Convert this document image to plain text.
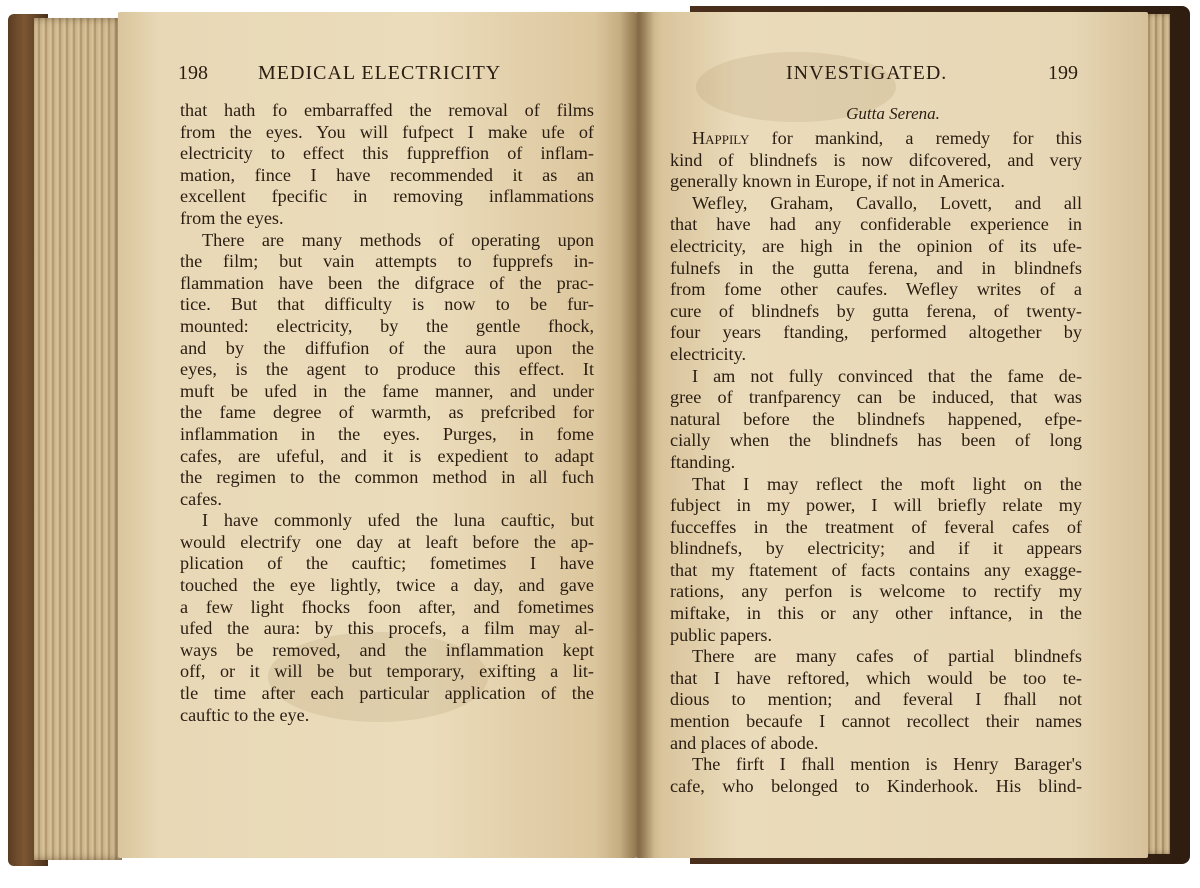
198	MEDICAL ELECTRICITY
that hath fo embarraffed the removal of films
from the eyes. You will fufpect I make ufe of
electricity to effect this fuppreffion of inflam-
mation, fince I have recommended it as an
excellent fpecific in removing inflammations
from the eyes.
There are many methods of operating upon
the film; but vain attempts to fupprefs in-
flammation have been the difgrace of the prac-
tice. But that difficulty is now to be fur-
mounted: electricity, by the gentle fhock,
and by the diffufion of the aura upon the
eyes, is the agent to produce this effect. It
muft be ufed in the fame manner, and under
the fame degree of warmth, as prefcribed for
inflammation in the eyes. Purges, in fome
cafes, are ufeful, and it is expedient to adapt
the regimen to the common method in all fuch
cafes.
I have commonly ufed the luna cauftic, but
would electrify one day at leaft before the ap-
plication of the cauftic; fometimes I have
touched the eye lightly, twice a day, and gave
a few light fhocks foon after, and fometimes
ufed the aura: by this procefs, a film may al-
ways be removed, and the inflammation kept
off, or it will be but temporary, exifting a lit-
tle time after each particular application of the
cauftic to the eye.
INVESTIGATED.	199
Gutta Serena.
Happily for mankind, a remedy for this
kind of blindnefs is now difcovered, and very
generally known in Europe, if not in America.
Wefley, Graham, Cavallo, Lovett, and all
that have had any confiderable experience in
electricity, are high in the opinion of its ufe-
fulnefs in the gutta ferena, and in blindnefs
from fome other caufes. Wefley writes of a
cure of blindnefs by gutta ferena, of twenty-
four years ftanding, performed altogether by
electricity.
I am not fully convinced that the fame de-
gree of tranfparency can be induced, that was
natural before the blindnefs happened, efpe-
cially when the blindnefs has been of long
ftanding.
That I may reflect the moft light on the
fubject in my power, I will briefly relate my
fucceffes in the treatment of feveral cafes of
blindnefs, by electricity; and if it appears
that my ftatement of facts contains any exagge-
rations, any perfon is welcome to rectify my
miftake, in this or any other inftance, in the
public papers.
There are many cafes of partial blindnefs
that I have reftored, which would be too te-
dious to mention; and feveral I fhall not
mention becaufe I cannot recollect their names
and places of abode.
The firft I fhall mention is Henry Barager's
cafe, who belonged to Kinderhook. His blind-
